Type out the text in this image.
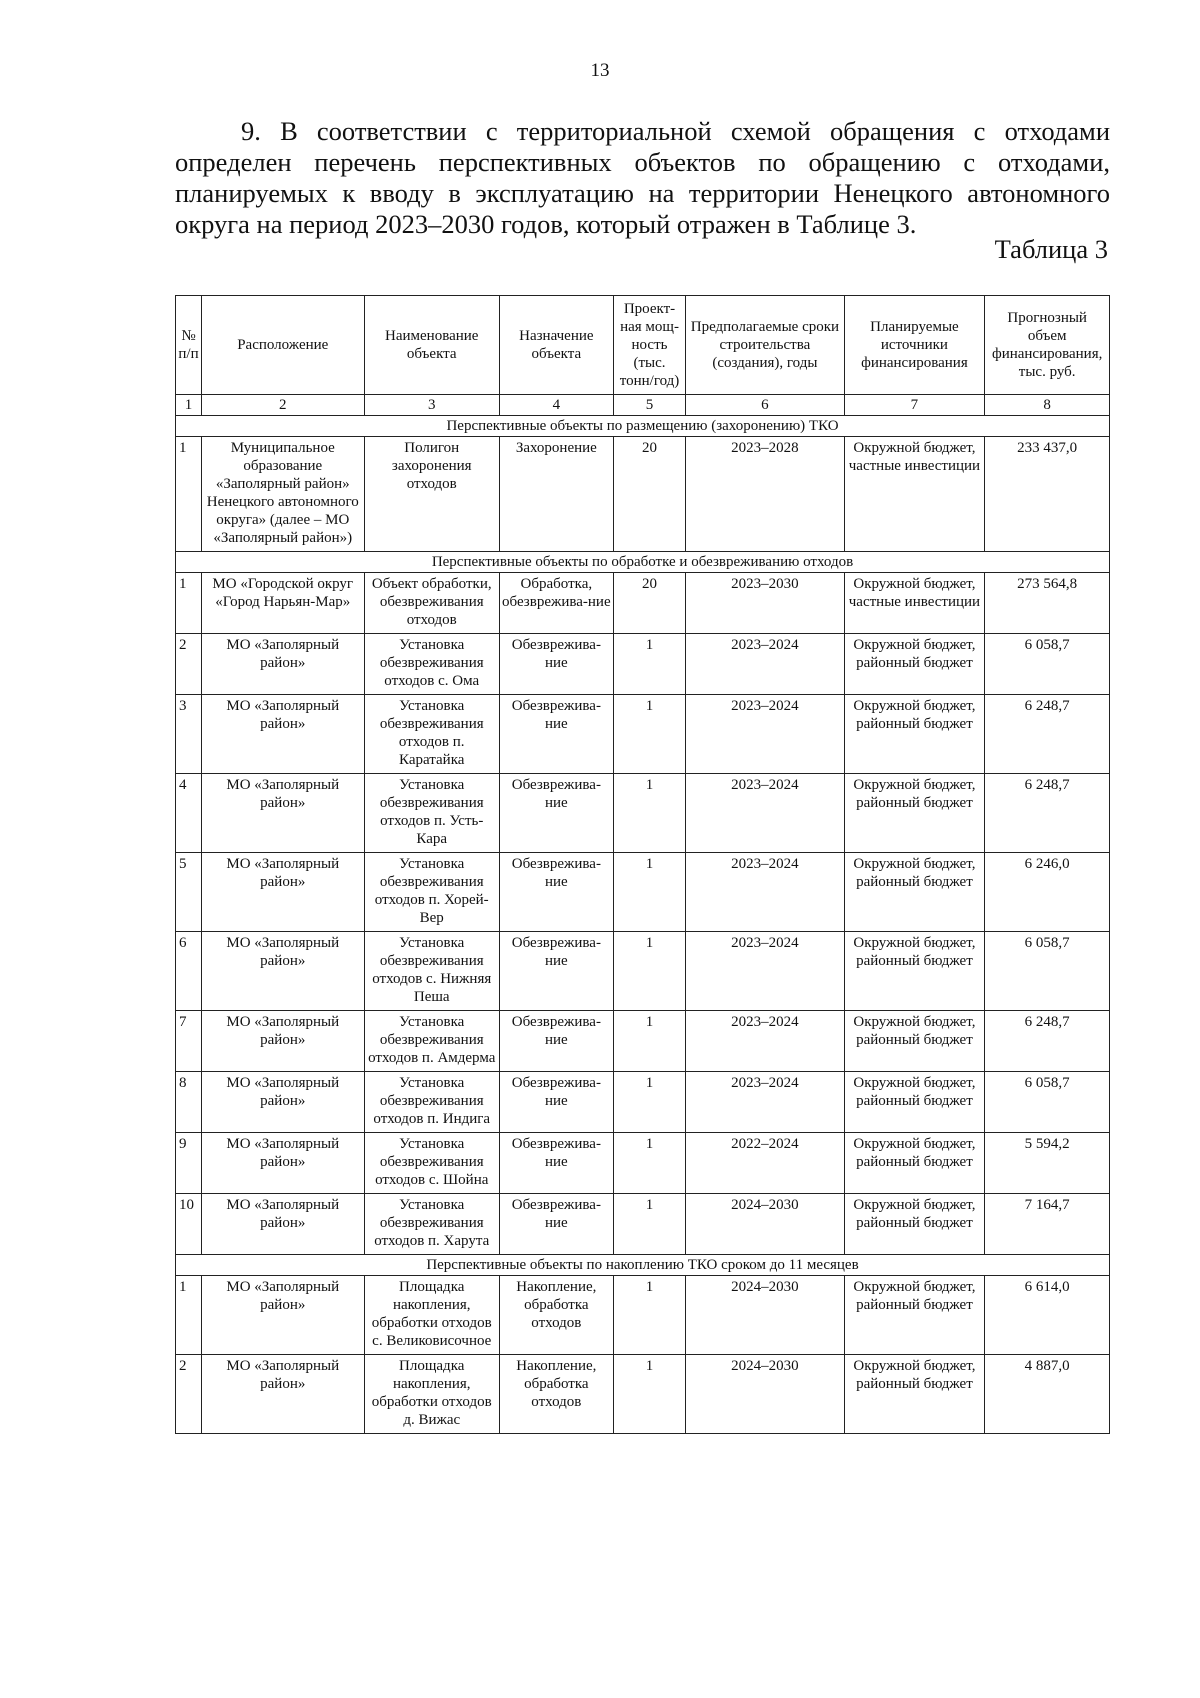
13

9. В соответствии с территориальной схемой обращения с отходами определен перечень перспективных объектов по обращению с отходами, планируемых к вводу в эксплуатацию на территории Ненецкого автономного округа на период 2023–2030 годов, который отражен в Таблице 3.

Таблица 3
№ п/п	Расположение	Наименование объекта	Назначение объекта	Проект-ная мощ-ность (тыс. тонн/год)	Предполагаемые сроки строительства (создания), годы	Планируемые источники финансирования	Прогнозный объем финансирования, тыс. руб.
1	2	3	4	5	6	7	8
Перспективные объекты по размещению (захоронению) ТКО							
1	Муниципальное образование «Заполярный район» Ненецкого автономного округа» (далее – МО «Заполярный район»)	Полигон захоронения отходов	Захоронение	20	2023–2028	Окружной бюджет, частные инвестиции	233 437,0
Перспективные объекты по обработке и обезвреживанию отходов							
1	МО «Городской округ «Город Нарьян-Мар»	Объект обработки, обезвреживания отходов	Обработка, обезврежива-ние	20	2023–2030	Окружной бюджет, частные инвестиции	273 564,8
2	МО «Заполярный район»	Установка обезвреживания отходов с. Ома	Обезврежива-ние	1	2023–2024	Окружной бюджет, районный бюджет	6 058,7
3	МО «Заполярный район»	Установка обезвреживания отходов п. Каратайка	Обезврежива-ние	1	2023–2024	Окружной бюджет, районный бюджет	6 248,7
4	МО «Заполярный район»	Установка обезвреживания отходов п. Усть-Кара	Обезврежива-ние	1	2023–2024	Окружной бюджет, районный бюджет	6 248,7
5	МО «Заполярный район»	Установка обезвреживания отходов п. Хорей-Вер	Обезврежива-ние	1	2023–2024	Окружной бюджет, районный бюджет	6 246,0
6	МО «Заполярный район»	Установка обезвреживания отходов с. Нижняя Пеша	Обезврежива-ние	1	2023–2024	Окружной бюджет, районный бюджет	6 058,7
7	МО «Заполярный район»	Установка обезвреживания отходов п. Амдерма	Обезврежива-ние	1	2023–2024	Окружной бюджет, районный бюджет	6 248,7
8	МО «Заполярный район»	Установка обезвреживания отходов п. Индига	Обезврежива-ние	1	2023–2024	Окружной бюджет, районный бюджет	6 058,7
9	МО «Заполярный район»	Установка обезвреживания отходов с. Шойна	Обезврежива-ние	1	2022–2024	Окружной бюджет, районный бюджет	5 594,2
10	МО «Заполярный район»	Установка обезвреживания отходов п. Харута	Обезврежива-ние	1	2024–2030	Окружной бюджет, районный бюджет	7 164,7
Перспективные объекты по накоплению ТКО сроком до 11 месяцев							
1	МО «Заполярный район»	Площадка накопления, обработки отходов с. Великовисочное	Накопление, обработка отходов	1	2024–2030	Окружной бюджет, районный бюджет	6 614,0
2	МО «Заполярный район»	Площадка накопления, обработки отходов д. Вижас	Накопление, обработка отходов	1	2024–2030	Окружной бюджет, районный бюджет	4 887,0
